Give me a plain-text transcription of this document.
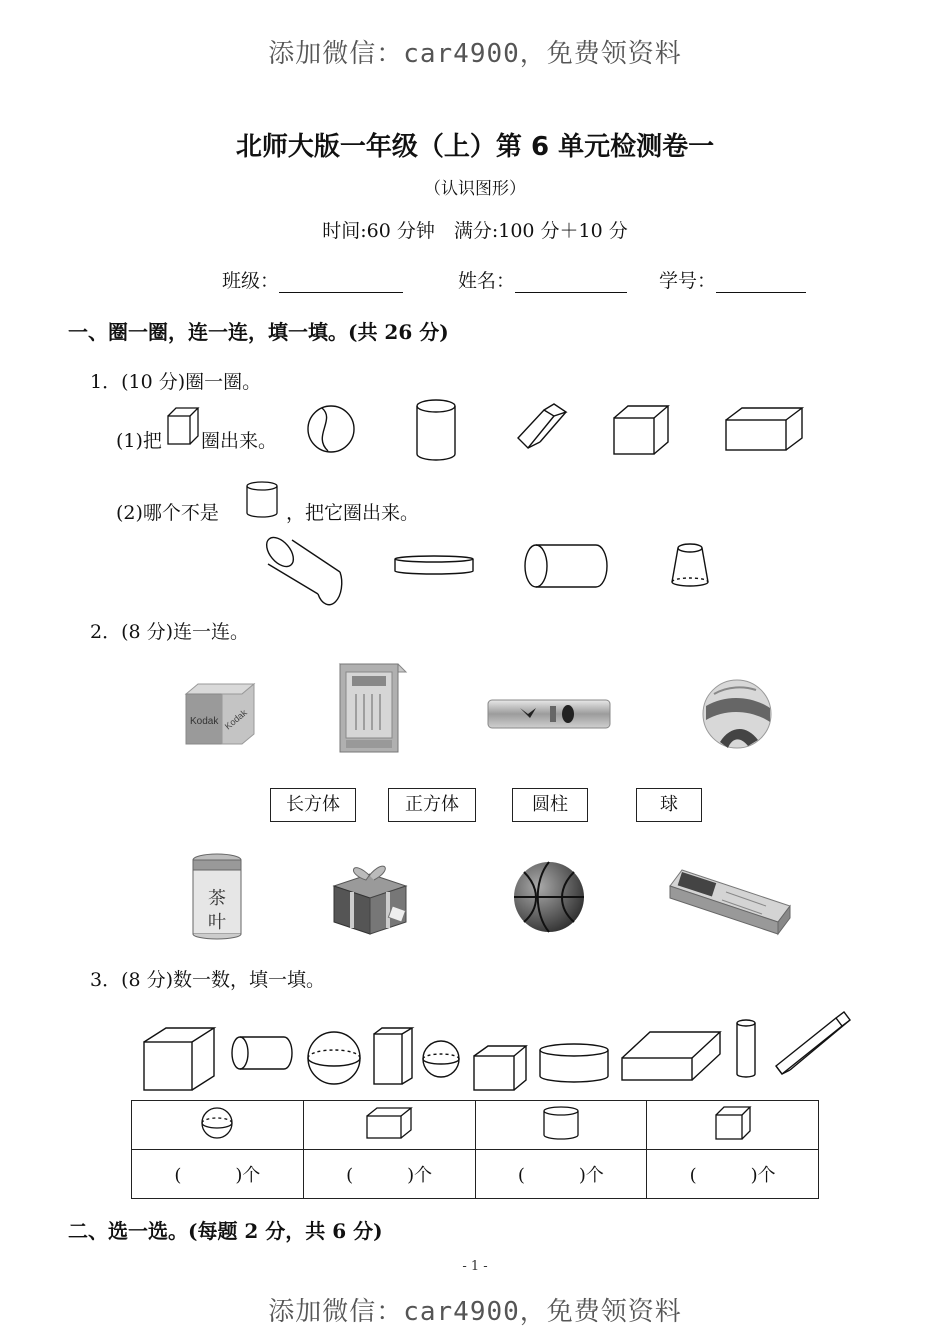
添加微信：car4900，免费领资料
添加微信：car4900，免费领资料
北师大版一年级（上）第 6 单元检测卷一
（认识图形）
时间:60 分钟　满分:100 分＋10 分
班级：	姓名：	学号：
一、圈一圈，连一连，填一填。(共 26 分)
1．(10 分)圈一圈。
(1)把 圈出来。
(2)哪个不是	，把它圈出来。
2．(8 分)连一连。
Kodak Kodak
长方体	正方体	圆柱	球
茶
叶
3．(8 分)数一数，填一填。

(　　　)个	(　　　)个	(　　　)个	(　　　)个
二、选一选。(每题 2 分，共 6 分)
- 1 -
